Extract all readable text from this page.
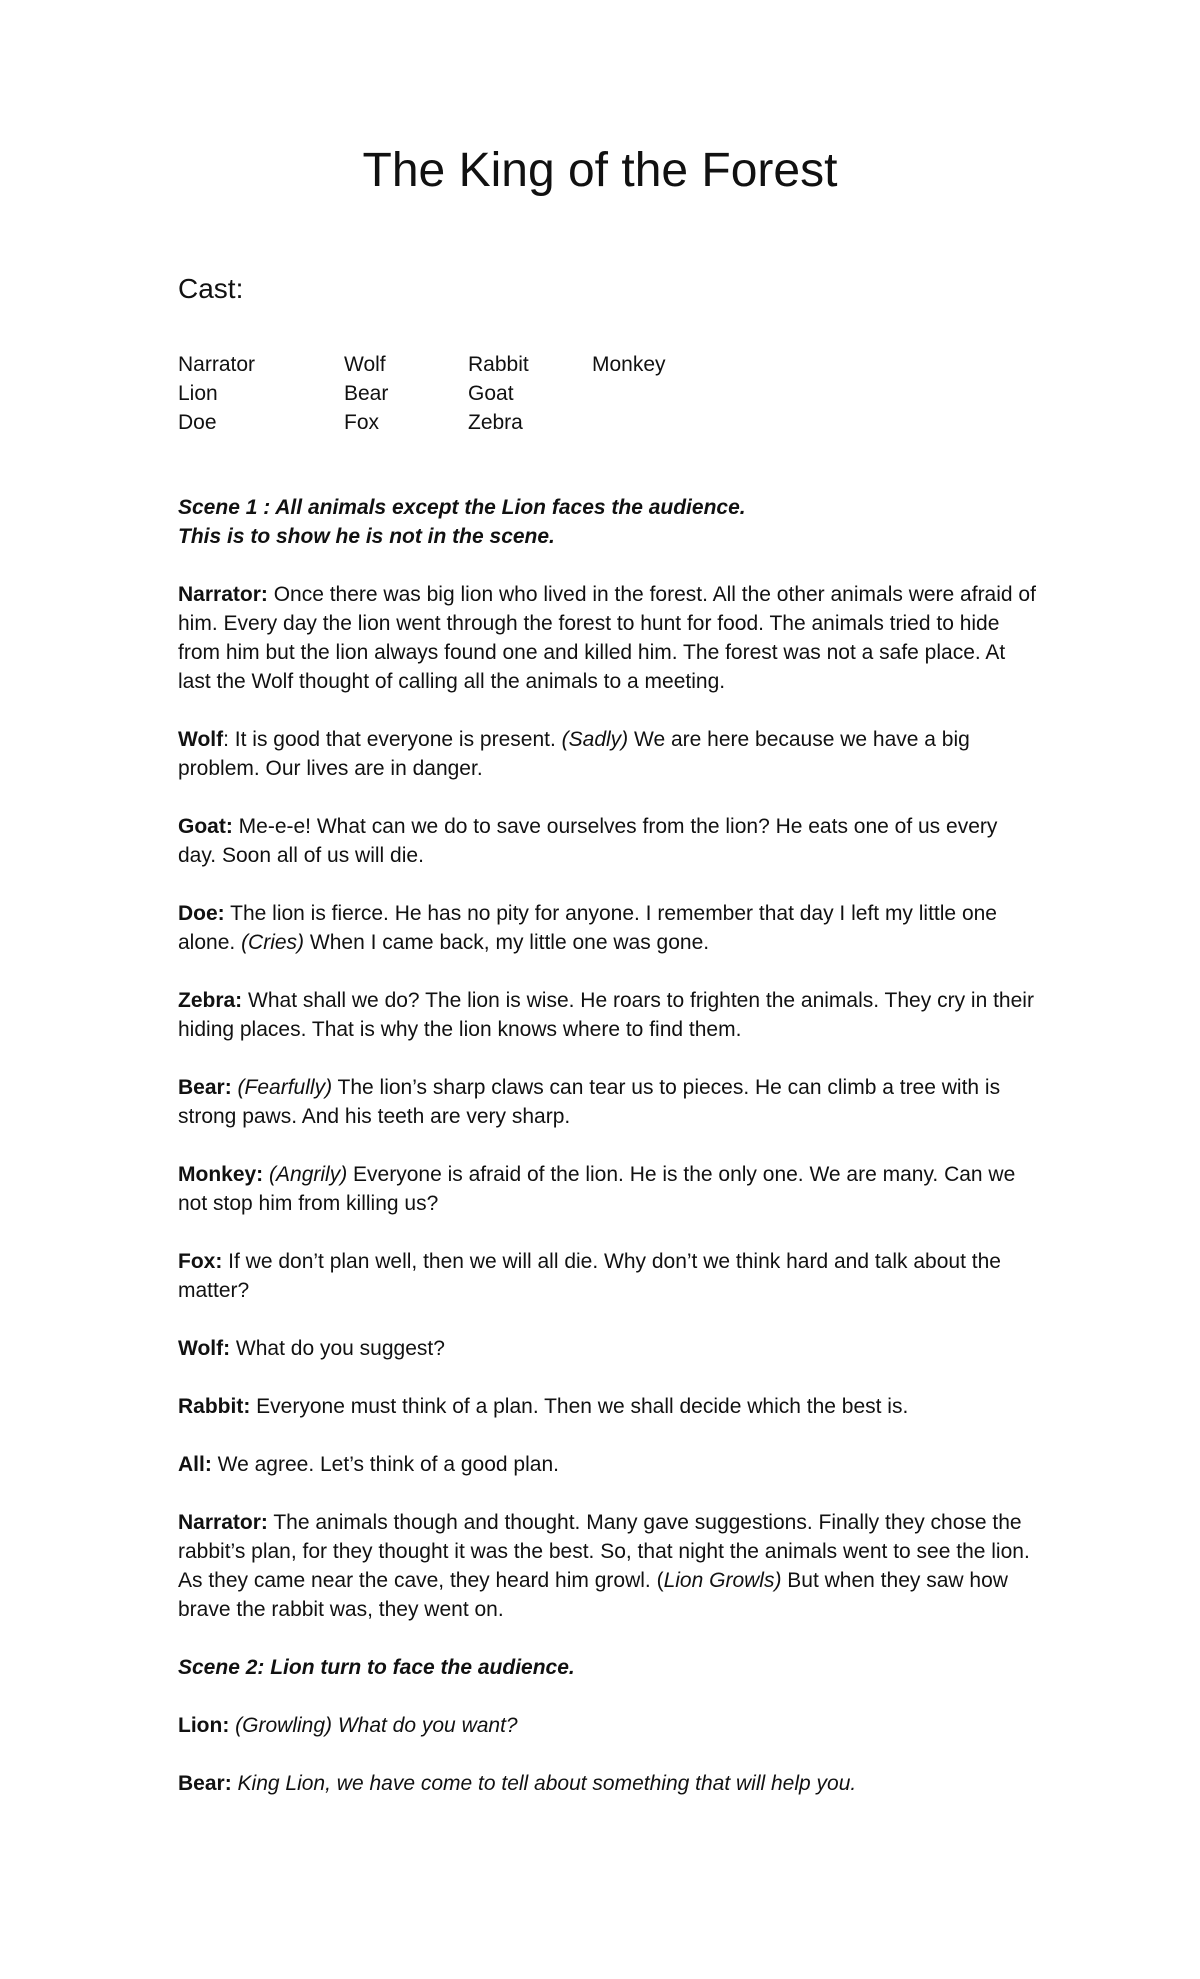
The King of the Forest
Cast:
Narrator	Wolf	Rabbit	Monkey
Lion	Bear	Goat
Doe	Fox	Zebra
Scene 1 : All animals except the Lion faces the audience.
This is to show he is not in the scene.

Narrator: Once there was big lion who lived in the forest. All the other animals were afraid of him. Every day the lion went through the forest to hunt for food. The animals tried to hide from him but the lion always found one and killed him. The forest was not a safe place. At last the Wolf thought of calling all the animals to a meeting.

Wolf: It is good that everyone is present. (Sadly) We are here because we have a big problem. Our lives are in danger.

Goat: Me-e-e! What can we do to save ourselves from the lion? He eats one of us every day. Soon all of us will die.

Doe: The lion is fierce. He has no pity for anyone. I remember that day I left my little one alone. (Cries) When I came back, my little one was gone.

Zebra: What shall we do? The lion is wise. He roars to frighten the animals. They cry in their hiding places. That is why the lion knows where to find them.

Bear: (Fearfully) The lion’s sharp claws can tear us to pieces. He can climb a tree with is strong paws. And his teeth are very sharp.

Monkey: (Angrily) Everyone is afraid of the lion. He is the only one. We are many. Can we not stop him from killing us?

Fox: If we don’t plan well, then we will all die. Why don’t we think hard and talk about the matter?

Wolf: What do you suggest?

Rabbit: Everyone must think of a plan. Then we shall decide which the best is.

All: We agree. Let’s think of a good plan.

Narrator: The animals though and thought. Many gave suggestions. Finally they chose the rabbit’s plan, for they thought it was the best. So, that night the animals went to see the lion. As they came near the cave, they heard him growl. (Lion Growls) But when they saw how brave the rabbit was, they went on.

Scene 2: Lion turn to face the audience.

Lion: (Growling) What do you want?

Bear: King Lion, we have come to tell about something that will help you.
